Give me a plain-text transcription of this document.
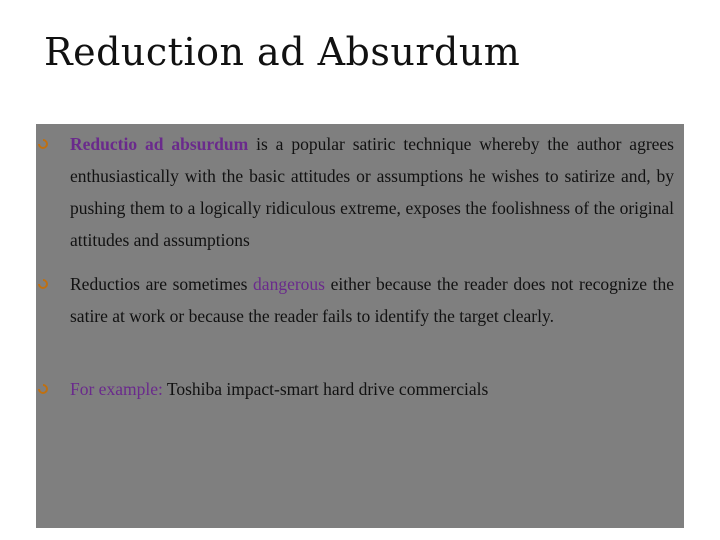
Reduction ad Absurdum
Reductio ad absurdum is a popular satiric technique whereby the author agrees enthusiastically with the basic attitudes or assumptions he wishes to satirize and, by pushing them to a logically ridiculous extreme, exposes the foolishness of the original attitudes and assumptions
Reductios are sometimes dangerous either because the reader does not recognize the satire at work or because the reader fails to identify the target clearly.
For example: Toshiba impact-smart hard drive commercials
